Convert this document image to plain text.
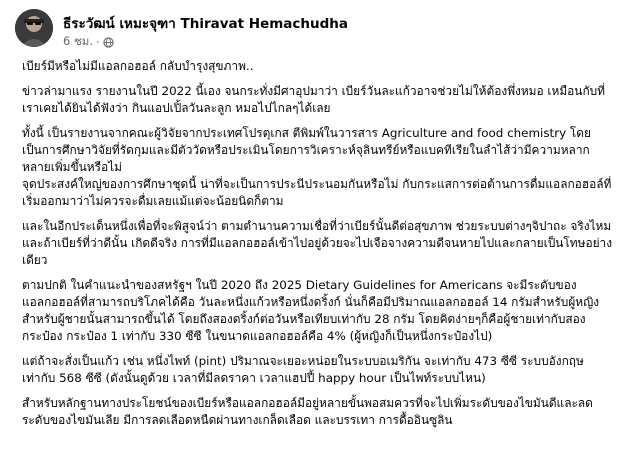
ธีระวัฒน์ เหมะจุฑา Thiravat Hemachudha
6 ชม. ·

เบียร์มีหรือไม่มีแอลกอฮอล์ กลับบำรุงสุขภาพ..

ข่าวล่ามาแรง รายงานในปี 2022 นี้เอง จนกระทั่งมีศาอุปมาว่า เบียร์วันละแก้วอาจช่วยไม่ให้ต้องพึ่งหมอ เหมือนกับที่เราเคยได้ยินได้ฟังว่า กินแอปเปิ้ลวันละลูก หมอไปไกลๆได้เลย

ทั้งนี้ เป็นรายงานจากคณะผู้วิจัยจากประเทศโปรตุเกส ตีพิมพ์ในวารสาร Agriculture and food chemistry โดยเป็นการศึกษาวิจัยที่รัดกุมและมีตัววัดหรือประเมินโดยการวิเคราะห์จุลินทรีย์หรือแบคทีเรียในลำไส้ว่ามีความหลากหลายเพิ่มขึ้นหรือไม่

จุดประสงค์ใหญ่ของการศึกษาชุดนี้ น่าที่จะเป็นการประนีประนอมกันหรือไม่ กับกระแสการต่อต้านการดื่มแอลกอฮอล์ที่เริ่มออกมาว่าไม่ควรจะดื่มเลยแม้แต่จะน้อยนิดก็ตาม

และในอีกประเด็นหนึ่งเพื่อที่จะพิสูจน์ว่า ตามตำนานความเชื่อที่ว่าเบียร์นั้นดีต่อสุขภาพ ช่วยระบบต่างๆจิปาถะ จริงไหม และถ้าเบียร์ที่ว่าดีนั้น เกิดดีจริง การที่มีแอลกอฮอล์เข้าไปอยู่ด้วยจะไปเจือจางความดีจนหายไปและกลายเป็นโทษอย่างเดียว

ตามปกติ ในคำแนะนำของสหรัฐฯ ในปี 2020 ถึง 2025 Dietary Guidelines for Americans จะมีระดับของแอลกอฮอล์ที่สามารถบริโภคได้คือ วันละหนึ่งแก้วหรือหนึ่งดริ้งก์ นั่นก็คือมีปริมาณแอลกอฮอล์ 14 กรัมสำหรับผู้หญิง สำหรับผู้ชายนั้นสามารถขึ้นได้ โดยถึงสองดริ้งก์ต่อวันหรือเทียบเท่ากับ 28 กรัม โดยคิดง่ายๆก็คือผู้ชายเท่ากับสองกระป๋อง กระป๋อง 1 เท่ากับ 330 ซีซี ในขนาดแอลกอฮอล์คือ 4% (ผู้หญิงก็เป็นหนึ่งกระป๋องไป)

แต่ถ้าจะสั่งเป็นแก้ว เช่น หนึ่งไพท์ (pint) ปริมาณจะเยอะหน่อยในระบบอเมริกัน จะเท่ากับ 473 ซีซี ระบบอังกฤษเท่ากับ 568 ซีซี (ดังนั้นดูด้วย เวลาที่มีลดราคา เวลาแฮปปี้ happy hour เป็นไพท์ระบบไหน)

สำหรับหลักฐานทางประโยชน์ของเบียร์หรือแอลกอฮอล์มีอยู่หลายขั้นพอสมควรที่จะไปเพิ่มระดับของไขมันดีและลดระดับของไขมันเลีย มีการลดเลือดหนืดผ่านทางเกล็ดเลือด และบรรเทา การดื้ออินซูลิน
